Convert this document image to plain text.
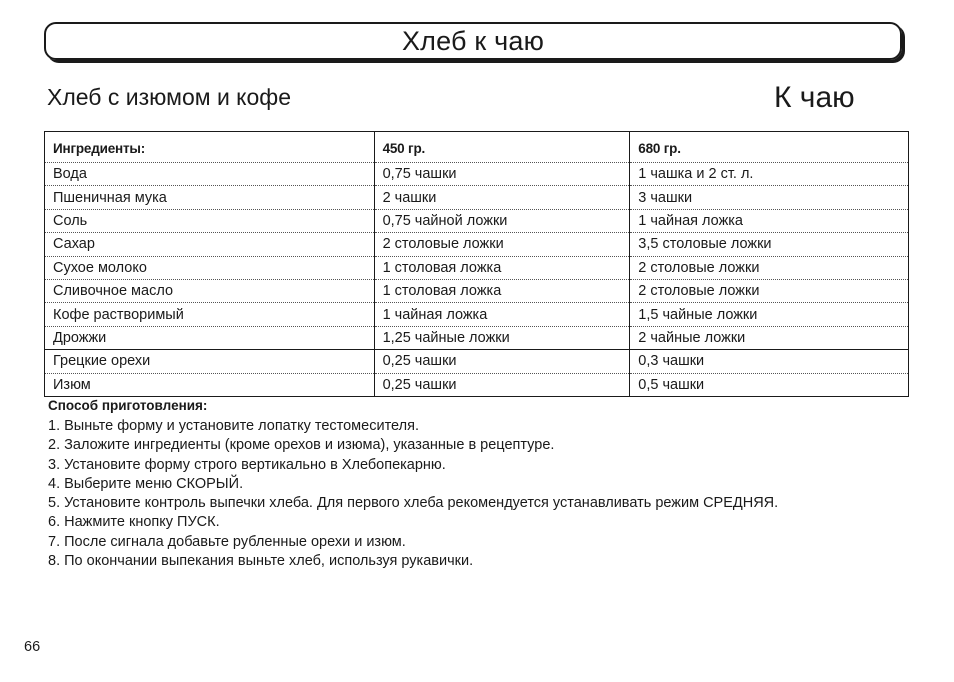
Хлеб к чаю
Хлеб с изюмом и кофе	К чаю
Ингредиенты:	450 гр.	680 гр.
Вода	0,75 чашки	1 чашка и 2 ст. л.
Пшеничная мука	2 чашки	3 чашки
Соль	0,75 чайной ложки	1 чайная ложка
Сахар	2 столовые ложки	3,5 столовые ложки
Сухое молоко	1 столовая ложка	2 столовые ложки
Сливочное масло	1 столовая ложка	2 столовые ложки
Кофе растворимый	1 чайная ложка	1,5 чайные ложки
Дрожжи	1,25 чайные ложки	2 чайные ложки
Грецкие орехи	0,25 чашки	0,3 чашки
Изюм	0,25 чашки	0,5 чашки
Способ приготовления:
1. Выньте форму и установите лопатку тестомесителя.
2. Заложите ингредиенты (кроме орехов и изюма), указанные в рецептуре.
3. Установите форму строго вертикально в Хлебопекарню.
4. Выберите меню СКОРЫЙ.
5. Установите контроль выпечки хлеба. Для первого хлеба рекомендуется устанавливать режим СРЕДНЯЯ.
6. Нажмите кнопку ПУСК.
7. После сигнала добавьте рубленные орехи и изюм.
8. По окончании выпекания выньте хлеб, используя рукавички.
66
